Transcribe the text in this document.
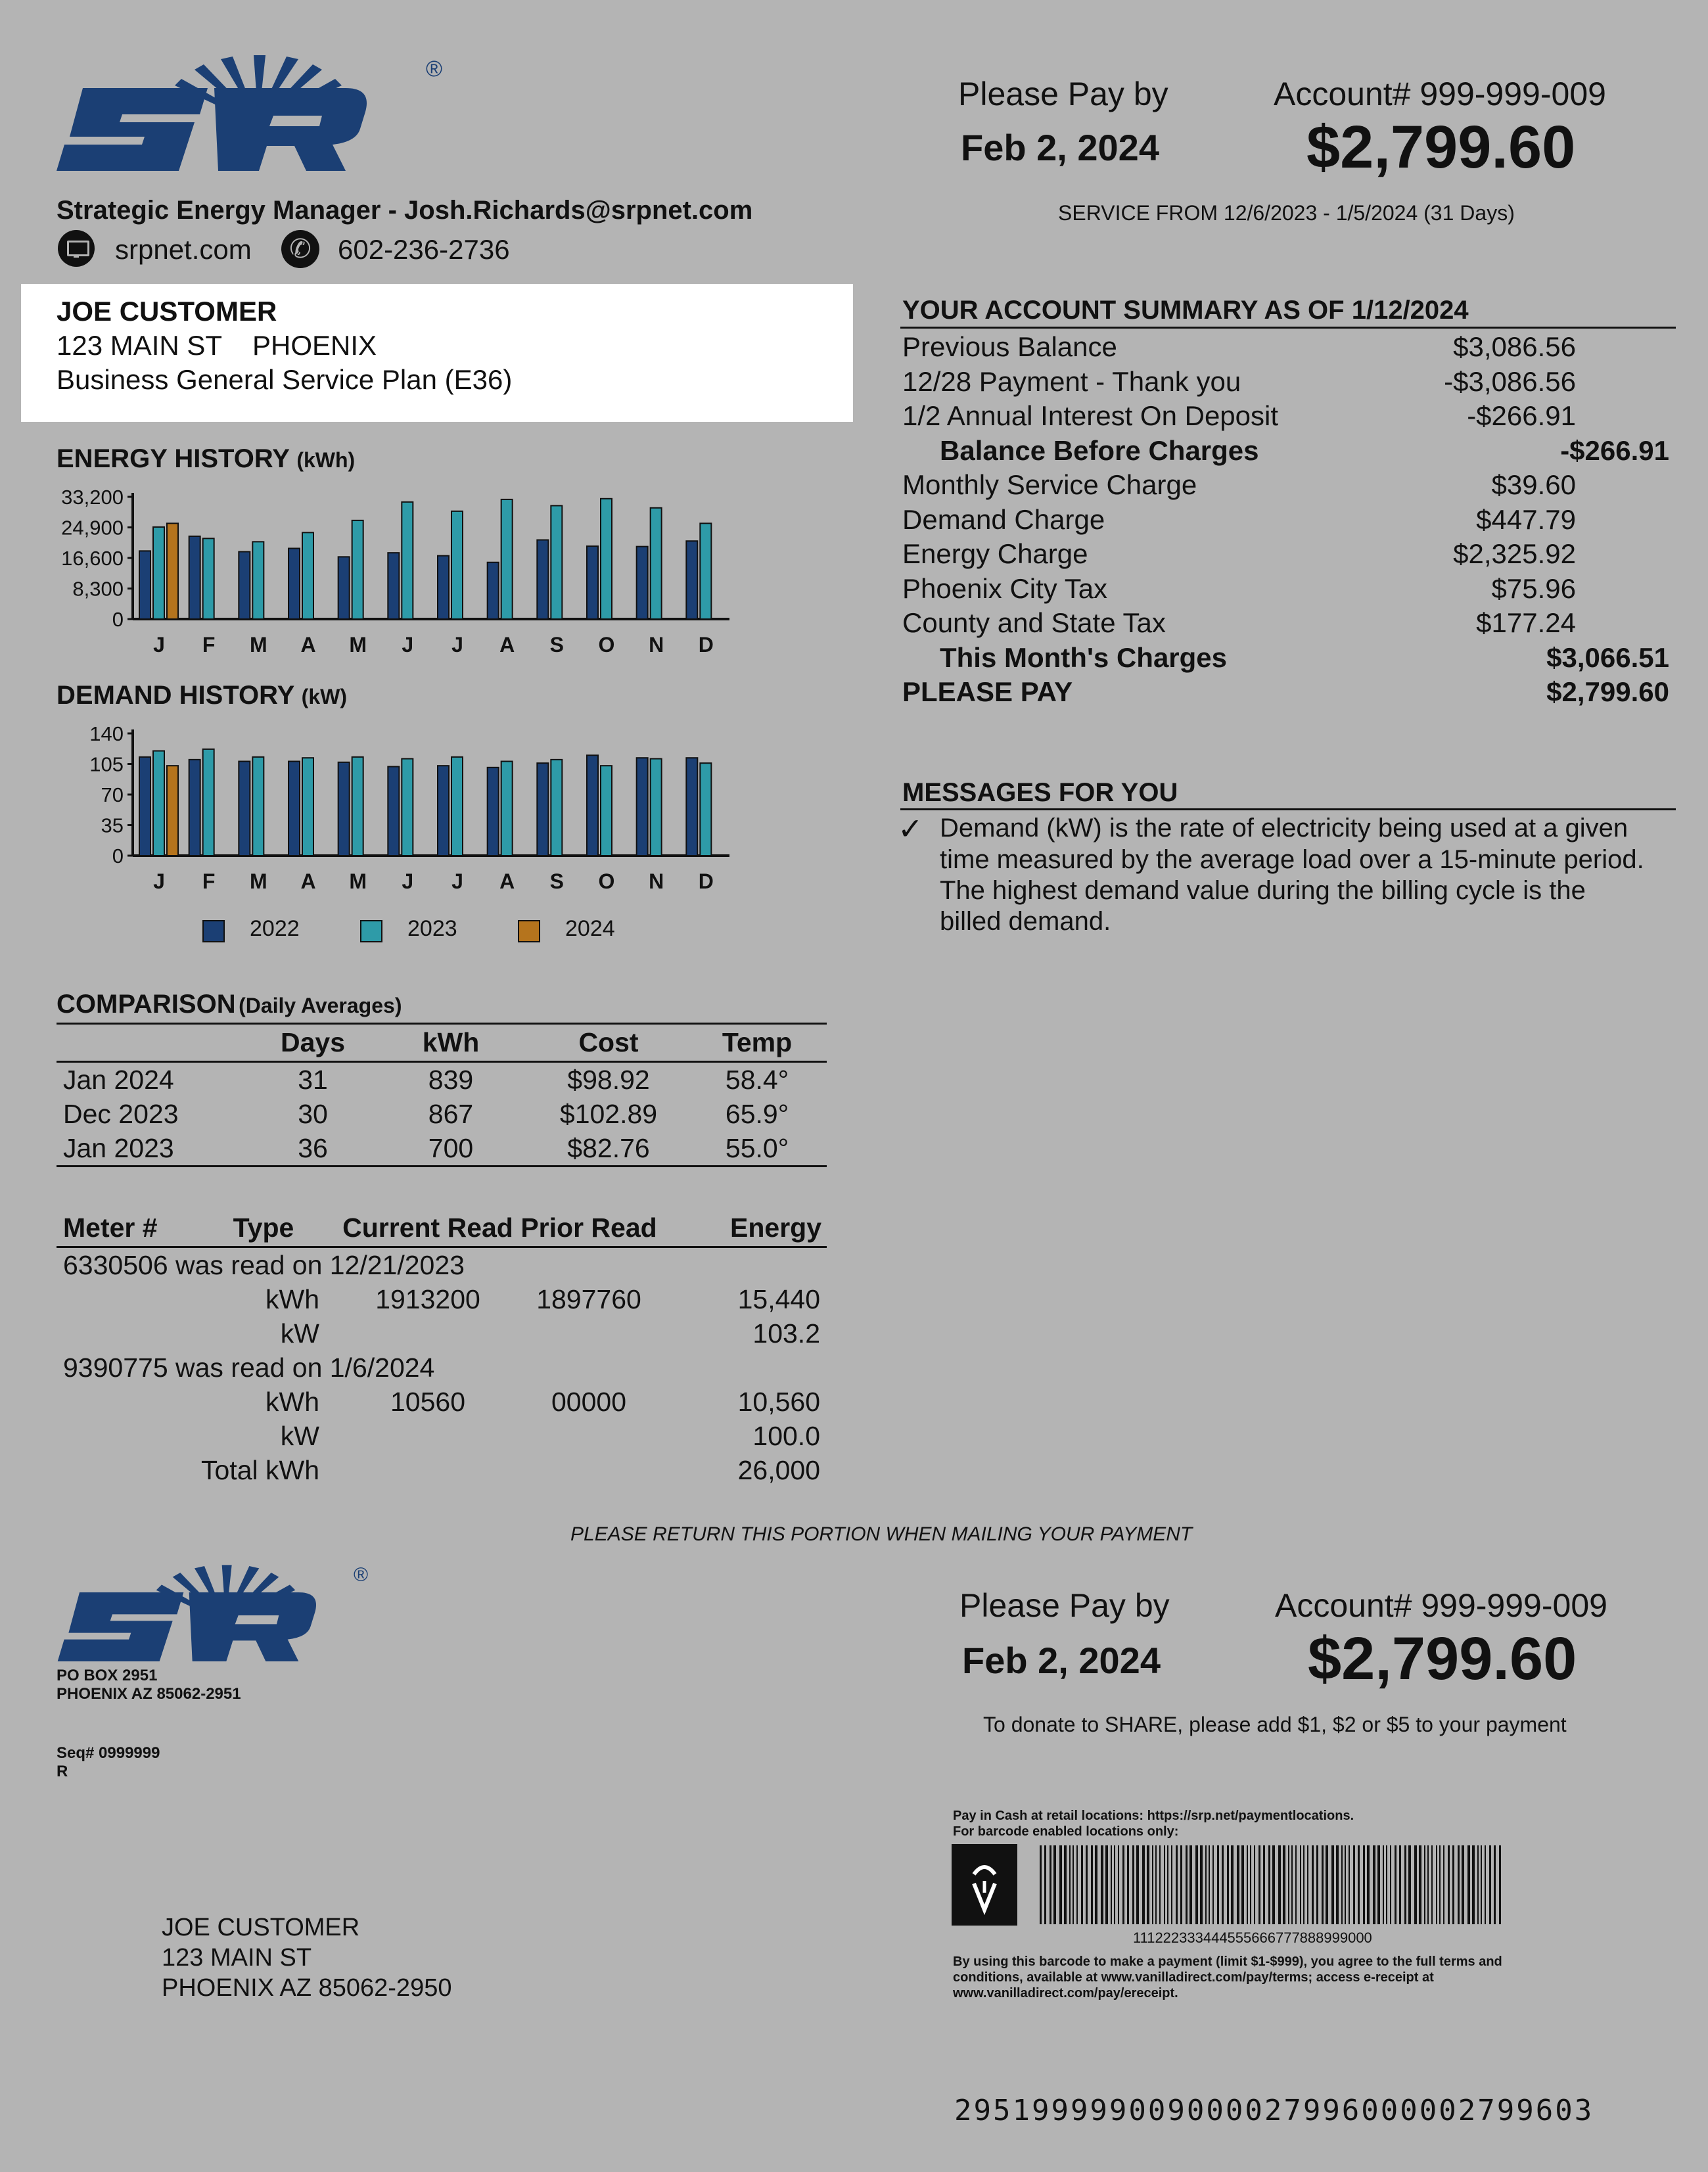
®
Strategic Energy Manager - Josh.Richards@srpnet.com
srpnet.com	✆ 602-236-2736
JOE CUSTOMER
123 MAIN ST PHOENIX
Business General Service Plan (E36)
Please Pay by
Feb 2, 2024
Account# 999-999-009
$2,799.60
SERVICE FROM 12/6/2023 - 1/5/2024 (31 Days)
YOUR ACCOUNT SUMMARY AS OF 1/12/2024
Previous Balance	$3,086.56
12/28 Payment - Thank you	-$3,086.56
1/2 Annual Interest On Deposit	-$266.91
Balance Before Charges	-$266.91
Monthly Service Charge	$39.60
Demand Charge	$447.79
Energy Charge	$2,325.92
Phoenix City Tax	$75.96
County and State Tax	$177.24
This Month's Charges	$3,066.51
PLEASE PAY	$2,799.60
MESSAGES FOR YOU
✓ Demand (kW) is the rate of electricity being used at a given
time measured by the average load over a 15-minute period.
The highest demand value during the billing cycle is the
billed demand.
ENERGY HISTORY (kWh)
33,200
24,900
16,600
8,300
0
J F M A M J J A S O N D
DEMAND HISTORY (kW)
140
105
70
35
0
J F M A M J J A S O N D
2022	2023	2024
COMPARISON (Daily Averages)
	Days	kWh	Cost	Temp
Jan 2024	31	839	$98.92	58.4°
Dec 2023	30	867	$102.89	65.9°
Jan 2023	36	700	$82.76	55.0°
Meter #	Type	Current Read	Prior Read	Energy
6330506 was read on 12/21/2023				
	kWh	1913200	1897760	15,440
	kW			103.2
9390775 was read on 1/6/2024				
	kWh	10560	00000	10,560
	kW			100.0
	Total kWh			26,000
PLEASE RETURN THIS PORTION WHEN MAILING YOUR PAYMENT
®
PO BOX 2951
PHOENIX AZ 85062-2951
Seq# 0999999
R
Please Pay by
Feb 2, 2024
Account# 999-999-009
$2,799.60
To donate to SHARE, please add $1, $2 or $5 to your payment
Pay in Cash at retail locations: https://srp.net/paymentlocations.
For barcode enabled locations only:
111222333444555666777888999000
By using this barcode to make a payment (limit $1-$999), you agree to the full terms and
conditions, available at www.vanilladirect.com/pay/terms; access e-receipt at
www.vanilladirect.com/pay/ereceipt.
JOE CUSTOMER
123 MAIN ST
PHOENIX AZ 85062-2950
295199999009000027996000002799603
